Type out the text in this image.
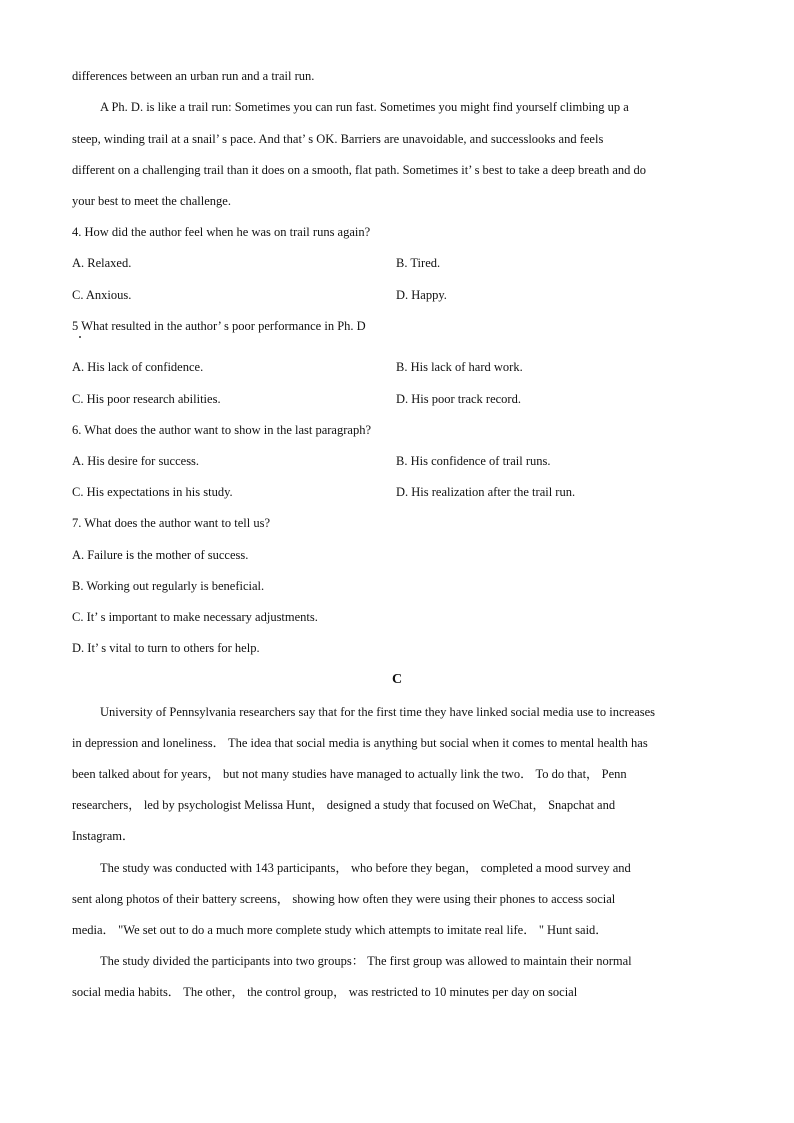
differences between an urban run and a trail run.
A Ph. D. is like a trail run: Sometimes you can run fast. Sometimes you might find yourself climbing up a
steep, winding trail at a snail’ s pace. And that’ s OK. Barriers are unavoidable, and successlooks and feels
different on a challenging trail than it does on a smooth, flat path. Sometimes it’ s best to take a deep breath and do
your best to meet the challenge.
4. How did the author feel when he was on trail runs again?
A. Relaxed.	B. Tired.
C. Anxious.	D. Happy.
5 What resulted in the author’ s poor performance in Ph. D
A. His lack of confidence.	B. His lack of hard work.
C. His poor research abilities.	D. His poor track record.
6. What does the author want to show in the last paragraph?
A. His desire for success.	B. His confidence of trail runs.
C. His expectations in his study.	D. His realization after the trail run.
7. What does the author want to tell us?
A. Failure is the mother of success.
B. Working out regularly is beneficial.
C. It’ s important to make necessary adjustments.
D. It’ s vital to turn to others for help.
C
University of Pennsylvania researchers say that for the first time they have linked social media use to increases
in depression and loneliness． The idea that social media is anything but social when it comes to mental health has
been talked about for years， but not many studies have managed to actually link the two． To do that， Penn
researchers， led by psychologist Melissa Hunt， designed a study that focused on WeChat， Snapchat and
Instagram．
The study was conducted with 143 participants， who before they began， completed a mood survey and
sent along photos of their battery screens， showing how often they were using their phones to access social
media． "We set out to do a much more complete study which attempts to imitate real life． " Hunt said．
The study divided the participants into two groups： The first group was allowed to maintain their normal
social media habits． The other， the control group， was restricted to 10 minutes per day on social
